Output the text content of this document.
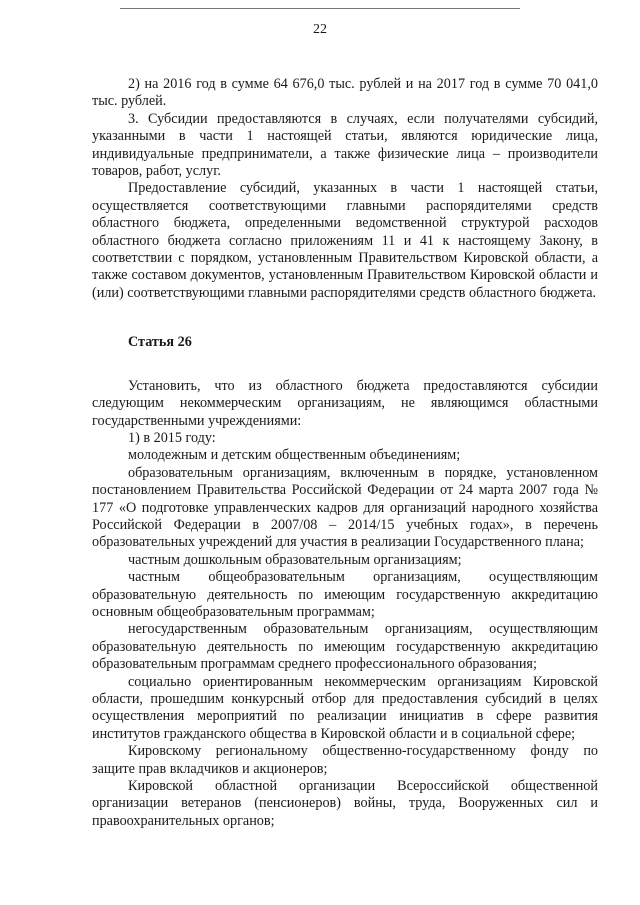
22

2) на 2016 год в сумме 64 676,0 тыс. рублей и на 2017 год в сумме 70 041,0 тыс. рублей.

3. Субсидии предоставляются в случаях, если получателями субсидий, указанными в части 1 настоящей статьи, являются юридические лица, индивидуальные предприниматели, а также физические лица – производители товаров, работ, услуг.

Предоставление субсидий, указанных в части 1 настоящей статьи, осуществляется соответствующими главными распорядителями средств областного бюджета, определенными ведомственной структурой расходов областного бюджета согласно приложениям 11 и 41 к настоящему Закону, в соответствии с порядком, установленным Правительством Кировской области, а также составом документов, установленным Правительством Кировской области и (или) соответствующими главными распорядителями средств областного бюджета.

Статья 26

Установить, что из областного бюджета предоставляются субсидии следующим некоммерческим организациям, не являющимся областными государственными учреждениями:

1) в 2015 году:

молодежным и детским общественным объединениям;

образовательным организациям, включенным в порядке, установленном постановлением Правительства Российской Федерации от 24 марта 2007 года № 177 «О подготовке управленческих кадров для организаций народного хозяйства Российской Федерации в 2007/08 – 2014/15 учебных годах», в перечень образовательных учреждений для участия в реализации Государственного плана;

частным дошкольным образовательным организациям;

частным общеобразовательным организациям, осуществляющим образовательную деятельность по имеющим государственную аккредитацию основным общеобразовательным программам;

негосударственным образовательным организациям, осуществляющим образовательную деятельность по имеющим государственную аккредитацию образовательным программам среднего профессионального образования;

социально ориентированным некоммерческим организациям Кировской области, прошедшим конкурсный отбор для предоставления субсидий в целях осуществления мероприятий по реализации инициатив в сфере развития институтов гражданского общества в Кировской области и в социальной сфере;

Кировскому региональному общественно-государственному фонду по защите прав вкладчиков и акционеров;

Кировской областной организации Всероссийской общественной организации ветеранов (пенсионеров) войны, труда, Вооруженных сил и правоохранительных органов;
